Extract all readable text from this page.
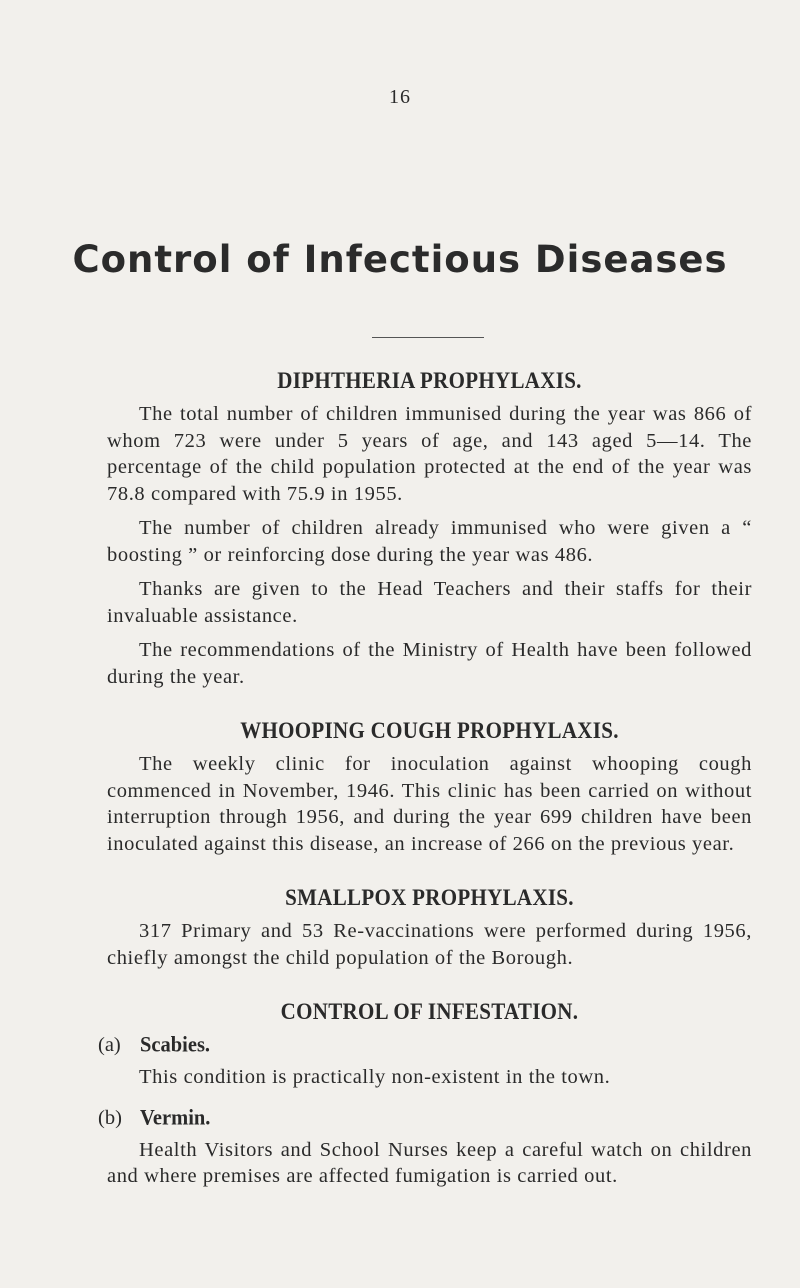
16
Control of Infectious Diseases
DIPHTHERIA PROPHYLAXIS.

The total number of children immunised during the year was 866 of whom 723 were under 5 years of age, and 143 aged 5—14. The percentage of the child population protected at the end of the year was 78.8 compared with 75.9 in 1955.

The number of children already immunised who were given a “ boosting ” or reinforcing dose during the year was 486.

Thanks are given to the Head Teachers and their staffs for their invaluable assistance.

The recommendations of the Ministry of Health have been followed during the year.

WHOOPING COUGH PROPHYLAXIS.

The weekly clinic for inoculation against whooping cough commenced in November, 1946. This clinic has been carried on without interruption through 1956, and during the year 699 children have been inoculated against this disease, an increase of 266 on the previous year.

SMALLPOX PROPHYLAXIS.

317 Primary and 53 Re-vaccinations were performed during 1956, chiefly amongst the child population of the Borough.

CONTROL OF INFESTATION.
(a) Scabies.

This condition is practically non-existent in the town.

(b) Vermin.

Health Visitors and School Nurses keep a careful watch on children and where premises are affected fumigation is carried out.
